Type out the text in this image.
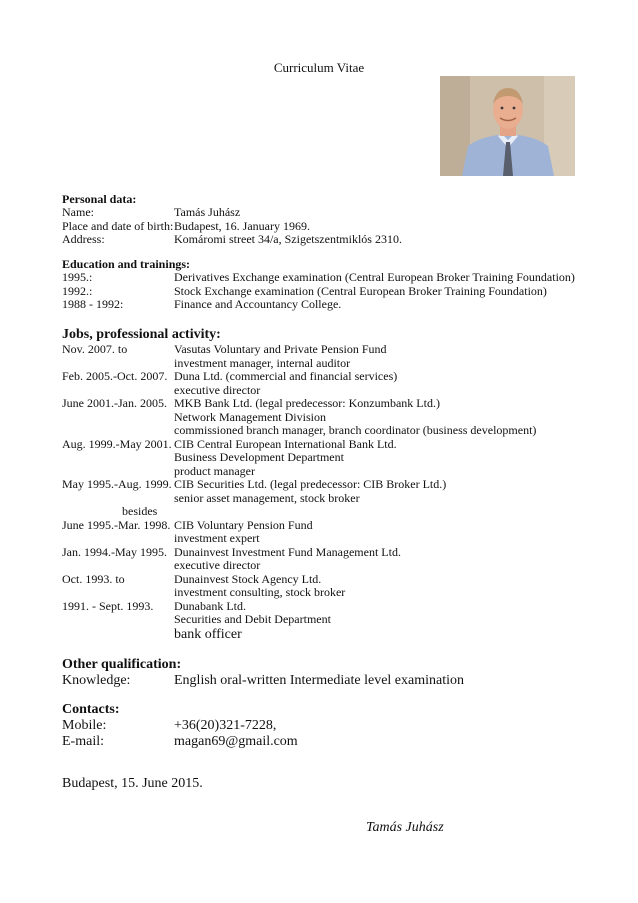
Curriculum Vitae
Personal data:
Name:	Tamás Juhász
Place and date of birth: Budapest, 16. January 1969.
Address:	Komáromi street 34/a, Szigetszentmiklós 2310.
Education and trainings:
1995.:	Derivatives Exchange examination (Central European Broker Training Foundation)
1992.:	Stock Exchange examination (Central European Broker Training Foundation)
1988 - 1992:	Finance and Accountancy College.
Jobs, professional activity:
Nov. 2007. to	Vasutas Voluntary and Private Pension Fund
investment manager, internal auditor
Feb. 2005.-Oct. 2007. Duna Ltd. (commercial and financial services)
executive director
June 2001.-Jan. 2005. MKB Bank Ltd. (legal predecessor: Konzumbank Ltd.)
Network Management Division
commissioned branch manager, branch coordinator (business development)
Aug. 1999.-May 2001. CIB Central European International Bank Ltd.
Business Development Department
product manager
May 1995.-Aug. 1999. CIB Securities Ltd. (legal predecessor: CIB Broker Ltd.)
senior asset management, stock broker
besides
June 1995.-Mar. 1998. CIB Voluntary Pension Fund
investment expert
Jan. 1994.-May 1995. Dunainvest Investment Fund Management Ltd.
executive director
Oct. 1993. to	Dunainvest Stock Agency Ltd.
investment consulting, stock broker
1991. - Sept. 1993.	Dunabank Ltd.
Securities and Debit Department
bank officer
Other qualification:
Knowledge:	English oral-written Intermediate level examination
Contacts:
Mobile:	+36(20)321-7228,
E-mail:	magan69@gmail.com
Budapest, 15. June 2015.
Tamás Juhász
